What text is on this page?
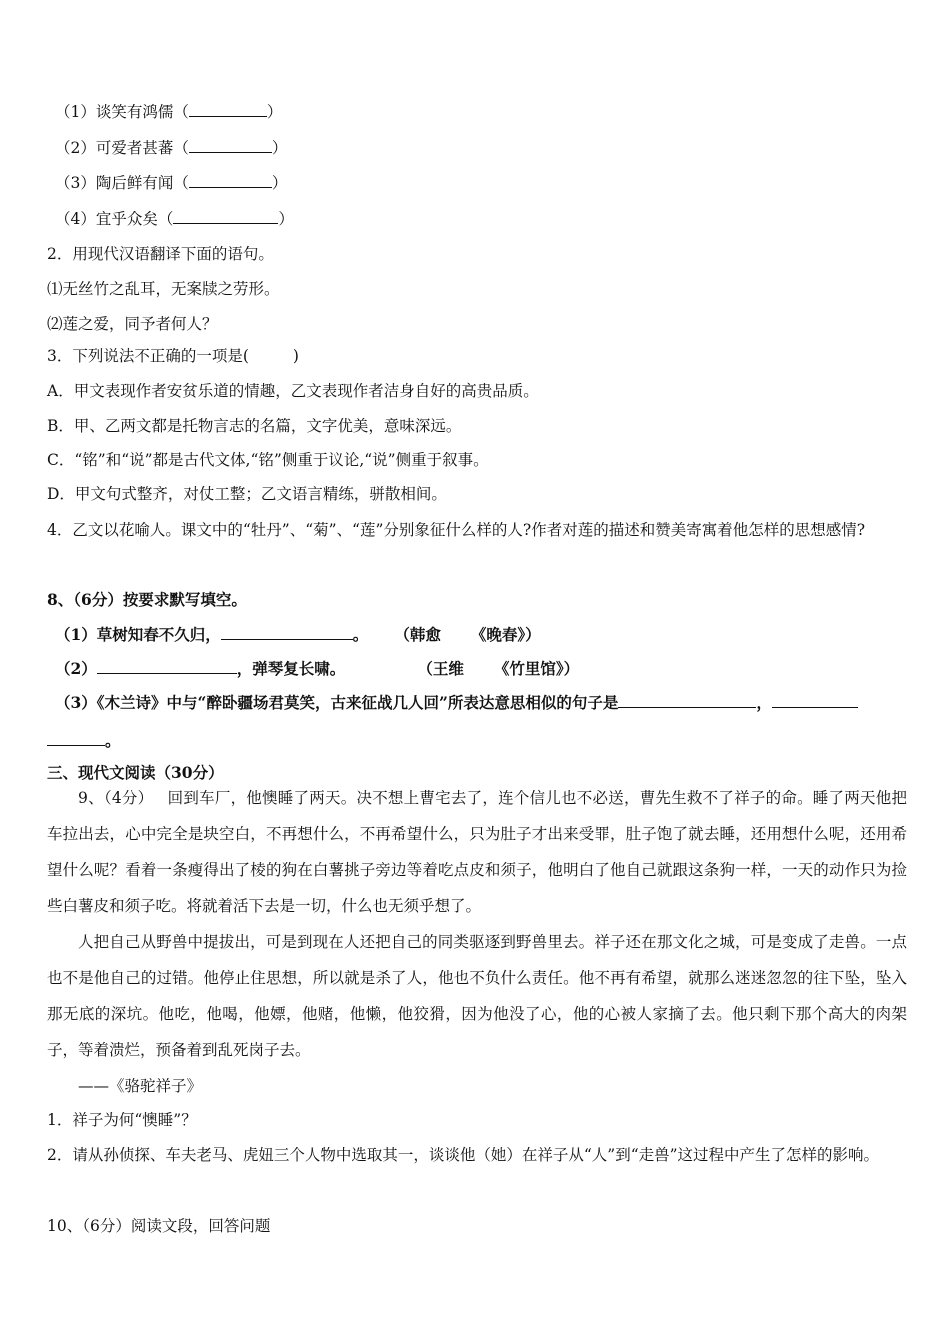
（1）谈笑有鸿儒（	）
（2）可爱者甚蕃（	）
（3）陶后鲜有闻（	）
（4）宜乎众矣（	）
2．用现代汉语翻译下面的语句。
⑴无丝竹之乱耳，无案牍之劳形。
⑵莲之爱，同予者何人？
3．下列说法不正确的一项是(	)
A．甲文表现作者安贫乐道的情趣，乙文表现作者洁身自好的高贵品质。
B．甲、乙两文都是托物言志的名篇，文字优美，意味深远。
C．“铭”和“说”都是古代文体,“铭”侧重于议论,“说”侧重于叙事。
D．甲文句式整齐，对仗工整；乙文语言精练，骈散相间。
4．乙文以花喻人。课文中的“牡丹”、“菊”、“莲”分别象征什么样的人?作者对莲的描述和赞美寄寓着他怎样的思想感情?
8、（6分）按要求默写填空。
（1）草树知春不久归，	。 （韩愈 《晚春》）
（2）	，弹琴复长啸。	（王维 《竹里馆》）
（3）《木兰诗》中与“醉卧疆场君莫笑，古来征战几人回”所表达意思相似的句子是	，
。
三、现代文阅读（30分）
9、（4分） 回到车厂，他懊睡了两天。决不想上曹宅去了，连个信儿也不必送，曹先生救不了祥子的命。睡了两天他把车拉出去，心中完全是块空白，不再想什么，不再希望什么，只为肚子才出来受罪，肚子饱了就去睡，还用想什么呢，还用希望什么呢？看着一条瘦得出了棱的狗在白薯挑子旁边等着吃点皮和须子，他明白了他自己就跟这条狗一样，一天的动作只为捡些白薯皮和须子吃。将就着活下去是一切，什么也无须乎想了。
人把自己从野兽中提拔出，可是到现在人还把自己的同类驱逐到野兽里去。祥子还在那文化之城，可是变成了走兽。一点也不是他自己的过错。他停止住思想，所以就是杀了人，他也不负什么责任。他不再有希望，就那么迷迷忽忽的往下坠，坠入那无底的深坑。他吃，他喝，他嫖，他赌，他懒，他狡猾，因为他没了心，他的心被人家摘了去。他只剩下那个高大的肉架子，等着溃烂，预备着到乱死岗子去。
——《骆驼祥子》
1．祥子为何“懊睡”？
2．请从孙侦探、车夫老马、虎妞三个人物中选取其一，谈谈他（她）在祥子从“人”到“走兽”这过程中产生了怎样的影响。
10、（6分）阅读文段，回答问题
